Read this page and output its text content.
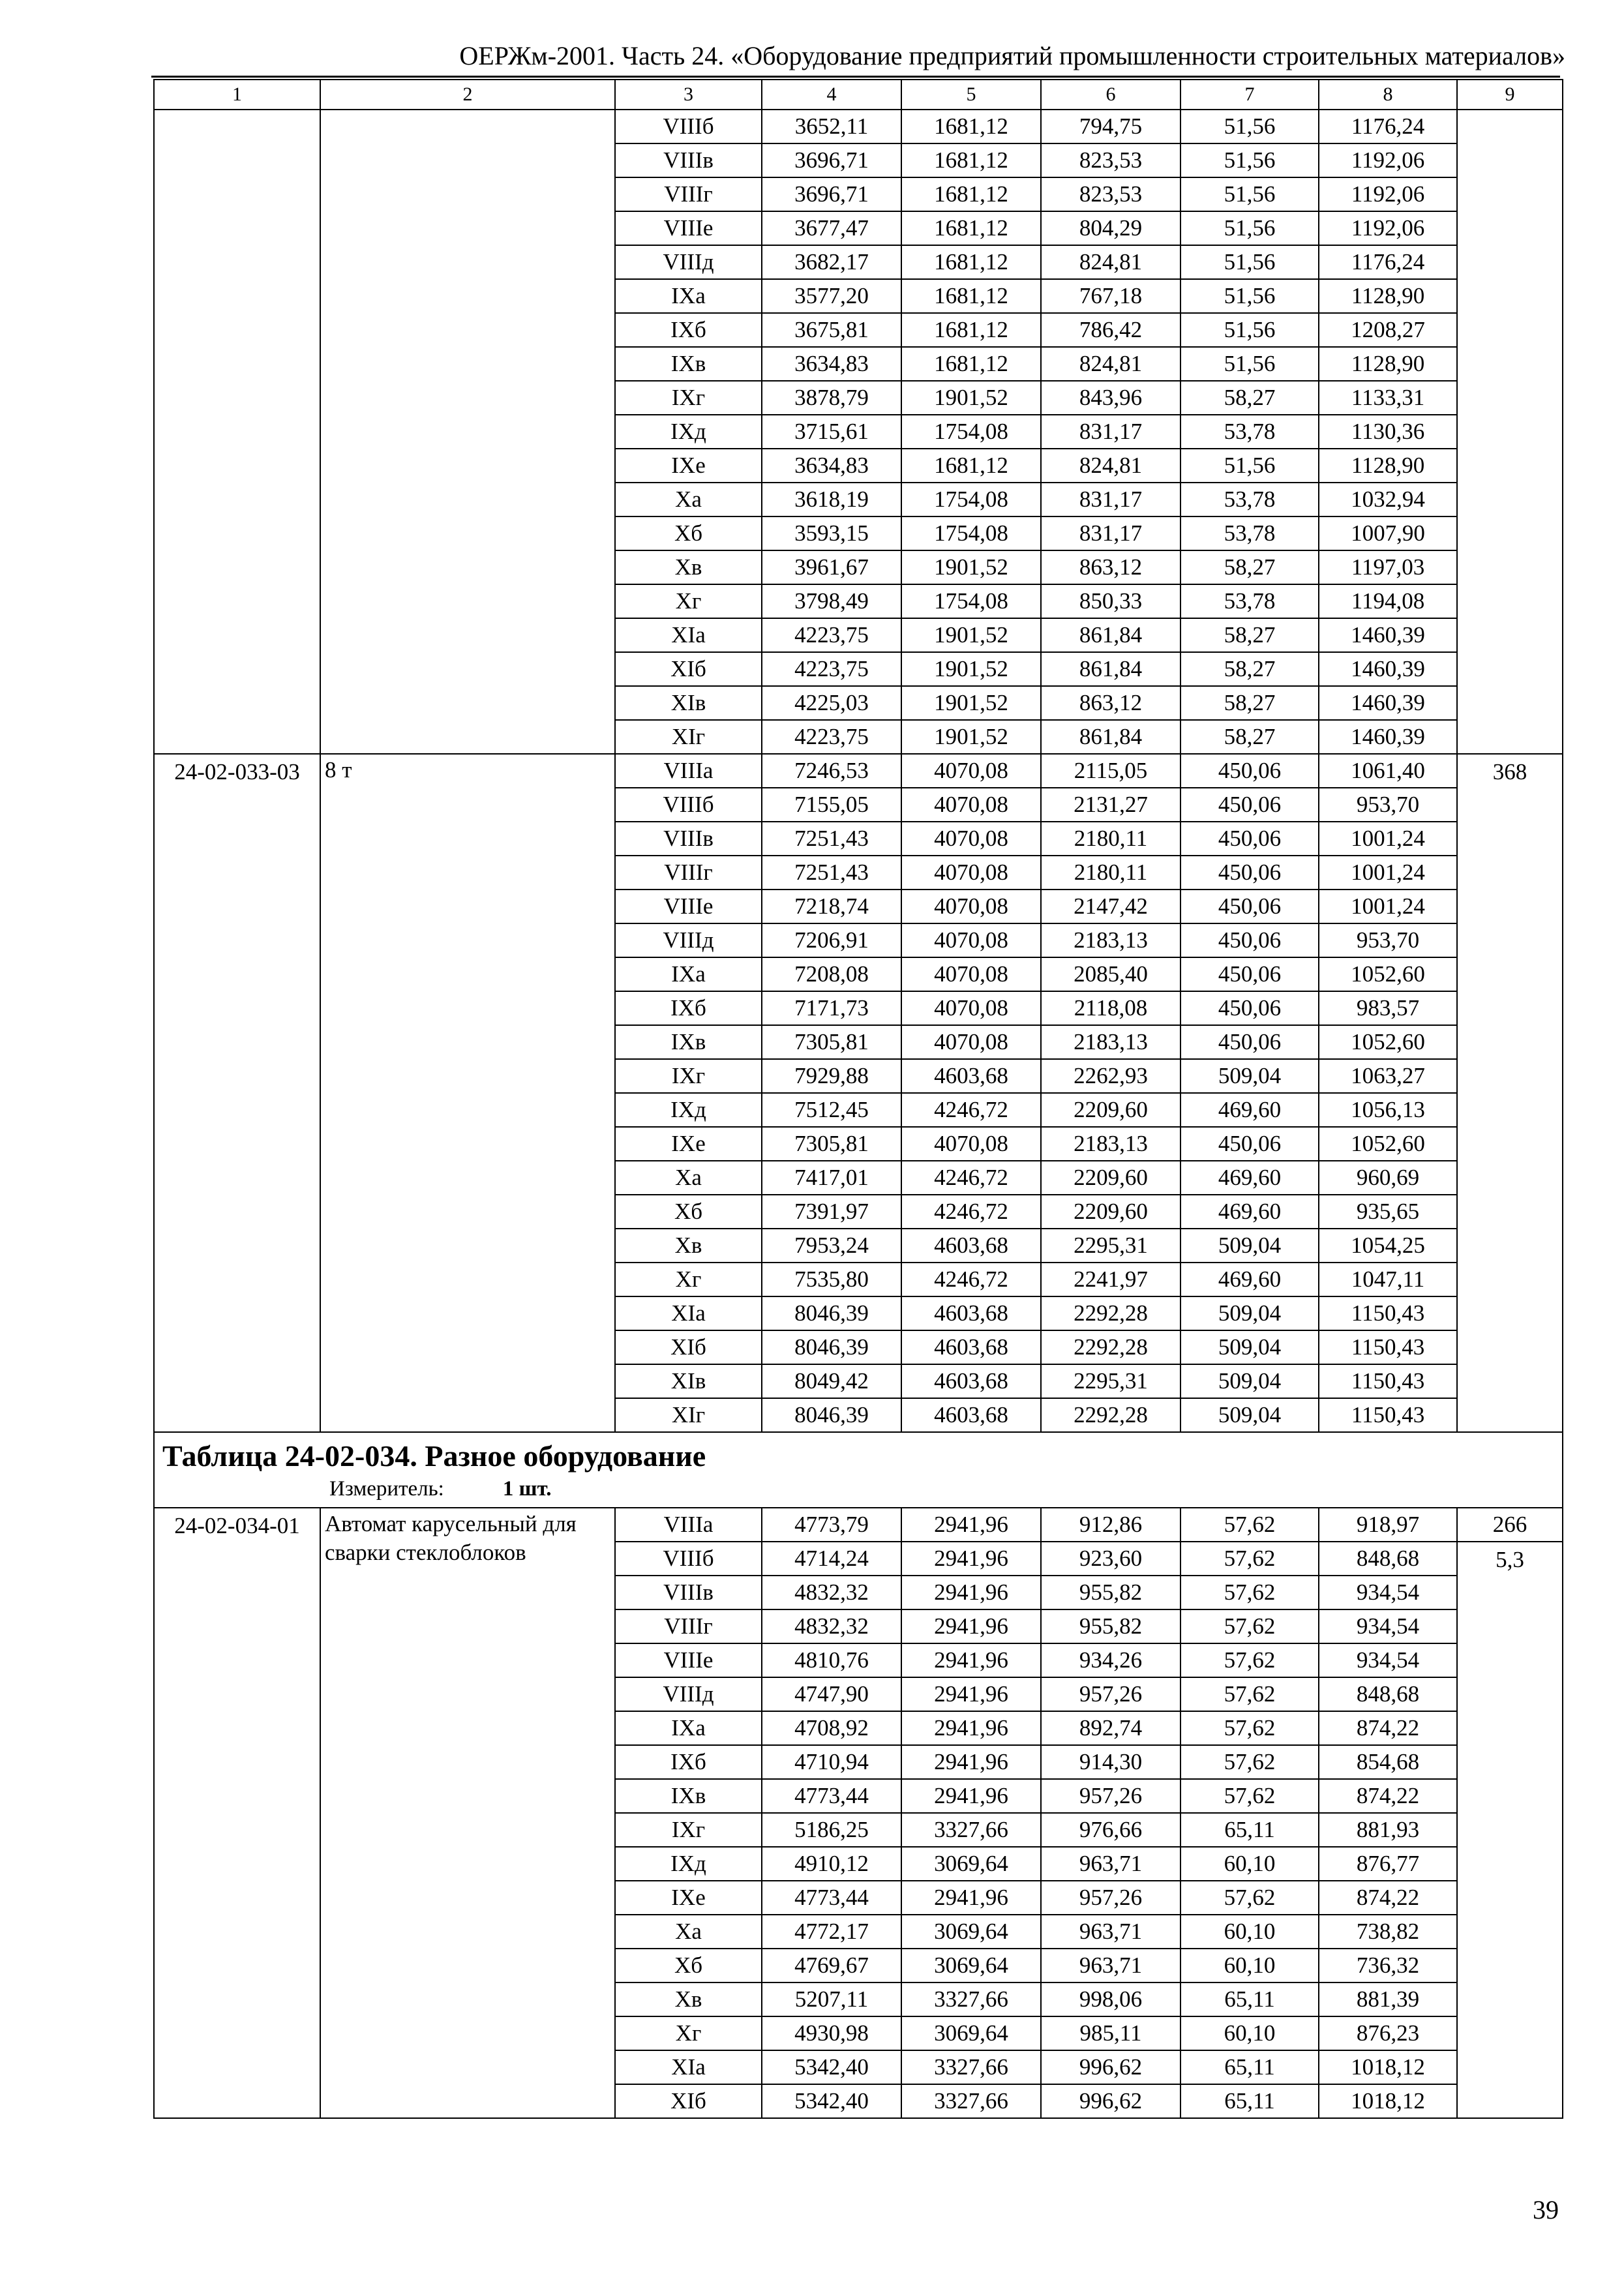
ОЕРЖм-2001. Часть 24. «Оборудование предприятий промышленности строительных материалов»
1	2	3	4	5	6	7	8	9
		VIIIб	3652,11	1681,12	794,75	51,56	1176,24	
		VIIIв	3696,71	1681,12	823,53	51,56	1192,06	
		VIIIг	3696,71	1681,12	823,53	51,56	1192,06	
		VIIIе	3677,47	1681,12	804,29	51,56	1192,06	
		VIIIд	3682,17	1681,12	824,81	51,56	1176,24	
		IXа	3577,20	1681,12	767,18	51,56	1128,90	
		IXб	3675,81	1681,12	786,42	51,56	1208,27	
		IXв	3634,83	1681,12	824,81	51,56	1128,90	
		IXг	3878,79	1901,52	843,96	58,27	1133,31	
		IXд	3715,61	1754,08	831,17	53,78	1130,36	
		IXе	3634,83	1681,12	824,81	51,56	1128,90	
		Xа	3618,19	1754,08	831,17	53,78	1032,94	
		Xб	3593,15	1754,08	831,17	53,78	1007,90	
		Xв	3961,67	1901,52	863,12	58,27	1197,03	
		Xг	3798,49	1754,08	850,33	53,78	1194,08	
		XIа	4223,75	1901,52	861,84	58,27	1460,39	
		XIб	4223,75	1901,52	861,84	58,27	1460,39	
		XIв	4225,03	1901,52	863,12	58,27	1460,39	
		XIг	4223,75	1901,52	861,84	58,27	1460,39	
24-02-033-03	8 т	VIIIа	7246,53	4070,08	2115,05	450,06	1061,40	368
		VIIIб	7155,05	4070,08	2131,27	450,06	953,70	
		VIIIв	7251,43	4070,08	2180,11	450,06	1001,24	
		VIIIг	7251,43	4070,08	2180,11	450,06	1001,24	
		VIIIе	7218,74	4070,08	2147,42	450,06	1001,24	
		VIIIд	7206,91	4070,08	2183,13	450,06	953,70	
		IXа	7208,08	4070,08	2085,40	450,06	1052,60	
		IXб	7171,73	4070,08	2118,08	450,06	983,57	
		IXв	7305,81	4070,08	2183,13	450,06	1052,60	
		IXг	7929,88	4603,68	2262,93	509,04	1063,27	
		IXд	7512,45	4246,72	2209,60	469,60	1056,13	
		IXе	7305,81	4070,08	2183,13	450,06	1052,60	
		Xа	7417,01	4246,72	2209,60	469,60	960,69	
		Xб	7391,97	4246,72	2209,60	469,60	935,65	
		Xв	7953,24	4603,68	2295,31	509,04	1054,25	
		Xг	7535,80	4246,72	2241,97	469,60	1047,11	
		XIа	8046,39	4603,68	2292,28	509,04	1150,43	
		XIб	8046,39	4603,68	2292,28	509,04	1150,43	
		XIв	8049,42	4603,68	2295,31	509,04	1150,43	
		XIг	8046,39	4603,68	2292,28	509,04	1150,43	

Таблица 24-02-034. Разное оборудование
Измеритель: 1 шт.								

24-02-034-01	Автомат карусельный для сварки стеклоблоков	VIIIа	4773,79	2941,96	912,86	57,62	918,97	266
		VIIIб	4714,24	2941,96	923,60	57,62	848,68	5,3
		VIIIв	4832,32	2941,96	955,82	57,62	934,54	
		VIIIг	4832,32	2941,96	955,82	57,62	934,54	
		VIIIе	4810,76	2941,96	934,26	57,62	934,54	
		VIIIд	4747,90	2941,96	957,26	57,62	848,68	
		IXа	4708,92	2941,96	892,74	57,62	874,22	
		IXб	4710,94	2941,96	914,30	57,62	854,68	
		IXв	4773,44	2941,96	957,26	57,62	874,22	
		IXг	5186,25	3327,66	976,66	65,11	881,93	
		IXд	4910,12	3069,64	963,71	60,10	876,77	
		IXе	4773,44	2941,96	957,26	57,62	874,22	
		Xа	4772,17	3069,64	963,71	60,10	738,82	
		Xб	4769,67	3069,64	963,71	60,10	736,32	
		Xв	5207,11	3327,66	998,06	65,11	881,39	
		Xг	4930,98	3069,64	985,11	60,10	876,23	
		XIа	5342,40	3327,66	996,62	65,11	1018,12	
		XIб	5342,40	3327,66	996,62	65,11	1018,12	
39
